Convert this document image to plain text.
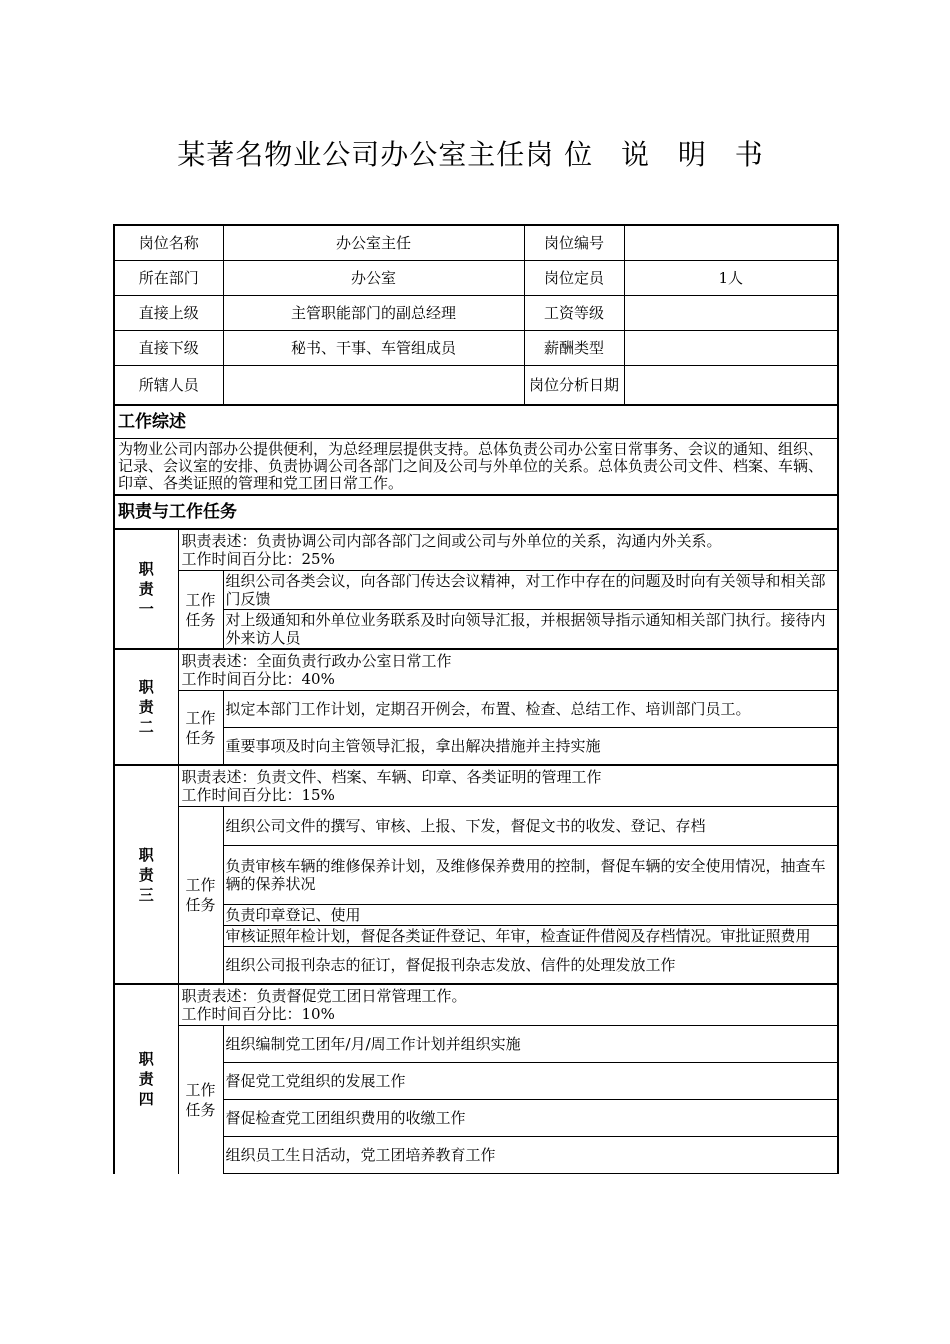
某著名物业公司办公室主任岗 位 说 明 书
岗位名称		办公室主任	岗位编号	
所在部门		办公室	岗位定员	1人
直接上级		主管职能部门的副总经理	工资等级	
直接下级		秘书、干事、车管组成员	薪酬类型	
所辖人员			岗位分析日期	
工作综述				
为物业公司内部办公提供便利，为总经理层提供支持。总体负责公司办公室日常事务、会议的通知、组织、记录、会议室的安排、负责协调公司各部门之间及公司与外单位的关系。总体负责公司文件、档案、车辆、印章、各类证照的管理和党工团日常工作。				
职责与工作任务				

职责一	职责表述：负责协调公司内部各部门之间或公司与外单位的关系，沟通内外关系。
工作时间百分比：25%			
	工作任务	组织公司各类会议，向各部门传达会议精神，对工作中存在的问题及时向有关领导和相关部门反馈		
		对上级通知和外单位业务联系及时向领导汇报，并根据领导指示通知相关部门执行。接待内外来访人员		

职责二	职责表述：全面负责行政办公室日常工作
工作时间百分比：40%			
	工作任务	拟定本部门工作计划，定期召开例会，布置、检查、总结工作、培训部门员工。		
		重要事项及时向主管领导汇报，拿出解决措施并主持实施		

职责三	职责表述：负责文件、档案、车辆、印章、各类证明的管理工作
工作时间百分比：15%			
	工作任务	组织公司文件的撰写、审核、上报、下发，督促文书的收发、登记、存档		
		负责审核车辆的维修保养计划，及维修保养费用的控制，督促车辆的安全使用情况，抽查车辆的保养状况		
		负责印章登记、使用		
		审核证照年检计划，督促各类证件登记、年审，检查证件借阅及存档情况。审批证照费用		
		组织公司报刊杂志的征订，督促报刊杂志发放、信件的处理发放工作		

职责四	职责表述：负责督促党工团日常管理工作。
工作时间百分比：10%			
	工作任务	组织编制党工团年/月/周工作计划并组织实施		
		督促党工党组织的发展工作		
		督促检查党工团组织费用的收缴工作		
		组织员工生日活动，党工团培养教育工作		
